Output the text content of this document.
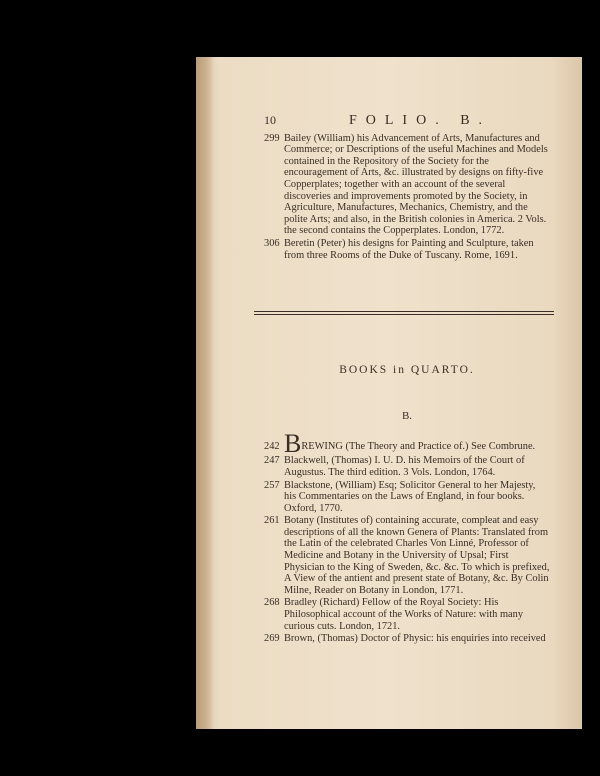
10	FOLIO. B.
299 Bailey (William) his Advancement of Arts, Manufactures and Commerce; or Descriptions of the useful Machines and Models contained in the Repository of the Society for the encouragement of Arts, &c. illustrated by designs on fifty-five Copperplates; together with an account of the several discoveries and improvements promoted by the Society, in Agriculture, Manufactures, Mechanics, Chemistry, and the polite Arts; and also, in the British colonies in America. 2 Vols. the second contains the Copperplates. London, 1772.
306 Beretin (Peter) his designs for Painting and Sculpture, taken from three Rooms of the Duke of Tuscany. Rome, 1691.
BOOKS in QUARTO.
B.
242 BREWING (The Theory and Practice of.) See Combrune.
247 Blackwell, (Thomas) I. U. D. his Memoirs of the Court of Augustus. The third edition. 3 Vols. London, 1764.
257 Blackstone, (William) Esq; Solicitor General to her Majesty, his Commentaries on the Laws of England, in four books. Oxford, 1770.
261 Botany (Institutes of) containing accurate, compleat and easy descriptions of all the known Genera of Plants: Translated from the Latin of the celebrated Charles Von Linné, Professor of Medicine and Botany in the University of Upsal; First Physician to the King of Sweden, &c. &c. To which is prefixed, A View of the antient and present state of Botany, &c. By Colin Milne, Reader on Botany in London, 1771.
268 Bradley (Richard) Fellow of the Royal Society: His Philosophical account of the Works of Nature: with many curious cuts. London, 1721.
269 Brown, (Thomas) Doctor of Physic: his enquiries into received
